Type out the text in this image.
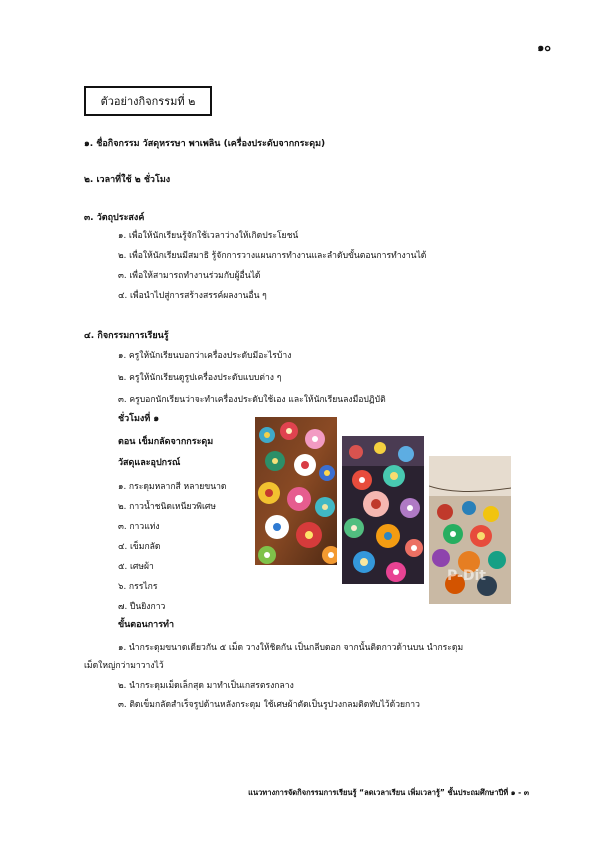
๑๐
ตัวอย่างกิจกรรมที่ ๒
๑. ชื่อกิจกรรม วัสดุหรรษา พาเพลิน (เครื่องประดับจากกระดุม)
๒. เวลาที่ใช้ ๒ ชั่วโมง
๓. วัตถุประสงค์
๑. เพื่อให้นักเรียนรู้จักใช้เวลาว่างให้เกิดประโยชน์
๒. เพื่อให้นักเรียนมีสมาธิ รู้จักการวางแผนการทำงานและลำดับขั้นตอนการทำงานได้
๓. เพื่อให้สามารถทำงานร่วมกับผู้อื่นได้
๔. เพื่อนำไปสู่การสร้างสรรค์ผลงานอื่น ๆ
๔. กิจกรรมการเรียนรู้
๑. ครูให้นักเรียนบอกว่าเครื่องประดับมีอะไรบ้าง
๒. ครูให้นักเรียนดูรูปเครื่องประดับแบบต่าง ๆ
๓. ครูบอกนักเรียนว่าจะทำเครื่องประดับใช้เอง และให้นักเรียนลงมือปฏิบัติ
ชั่วโมงที่ ๑
ตอน เข็มกลัดจากกระดุม
วัสดุและอุปกรณ์
๑. กระดุมหลากสี หลายขนาด
๒. กาวน้ำชนิดเหนียวพิเศษ
๓. กาวแท่ง
๔. เข็มกลัด
๕. เศษผ้า
๖. กรรไกร
๗. ปืนยิงกาว
ขั้นตอนการทำ
๑. นำกระดุมขนาดเดียวกัน ๕ เม็ด วางให้ชิดกัน เป็นกลีบดอก จากนั้นติดกาวด้านบน นำกระดุม
เม็ดใหญ่กว่ามาวางไว้
๒. นำกระดุมเม็ดเล็กสุด มาทำเป็นเกสรตรงกลาง
๓. ติดเข็มกลัดสำเร็จรูปด้านหลังกระดุม ใช้เศษผ้าตัดเป็นรูปวงกลมติดทับไว้ด้วยกาว
P-Dit
แนวทางการจัดกิจกรรมการเรียนรู้ “ลดเวลาเรียน เพิ่มเวลารู้” ชั้นประถมศึกษาปีที่ ๑ - ๓
